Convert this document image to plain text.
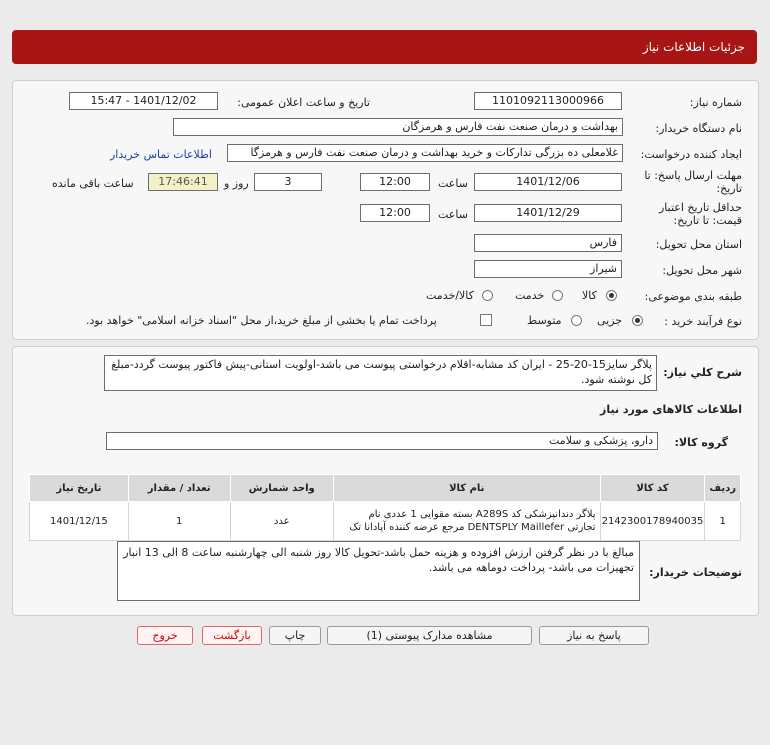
جزئیات اطلاعات نیاز
شماره نیاز:
1101092113000966
تاریخ و ساعت اعلان عمومی:
1401/12/02 - 15:47
نام دستگاه خریدار:
بهداشت و درمان صنعت نفت فارس و هرمزگان
ایجاد کننده درخواست:
غلامعلی ده بزرگی تدارکات و خرید بهداشت و درمان صنعت نفت فارس و هرمزگا
اطلاعات تماس خریدار
مهلت ارسال پاسخ: تا تاریخ:
1401/12/06
ساعت
12:00
3
روز و
17:46:41
ساعت باقی مانده
حداقل تاریخ اعتبار قیمت: تا تاریخ:
1401/12/29
ساعت
12:00
استان محل تحویل:
فارس
شهر محل تحویل:
شیراز
طبقه بندی موضوعی:
کالا
خدمت
کالا/خدمت
نوع فرآیند خرید :
جزیی
متوسط
پرداخت تمام یا بخشی از مبلغ خرید،از محل "اسناد خزانه اسلامی" خواهد بود.
شرح کلي نياز:
پلاگر سایز15-20-25 - ایران کد مشابه-اقلام درخواستی پیوست می باشد-اولویت استانی-پیش فاکتور پیوست گردد-مبلغ کل نوشته شود.
اطلاعات کالاهای مورد نیاز
گروه کالا:
دارو، پزشکی و سلامت
ردیف	کد کالا	نام کالا	واحد شمارش	تعداد / مقدار	تاریخ نیاز
1	2142300178940035	پلاگر دندانپزشکی کد A289S بسته مقوایی 1 عددی نام تجارتی DENTSPLY Maillefer مرجع عرضه کننده آپادانا تک	عدد	1	1401/12/15
توضیحات خریدار:
مبالغ با در نظر گرفتن ارزش افزوده و هزینه حمل باشد-تحویل کالا روز شنبه الی چهارشنبه ساعت 8 الی 13 انبار تجهیزات می باشد- پرداخت دوماهه می باشد.
پاسخ به نیاز
مشاهده مدارک پیوستی (1)
چاپ
بازگشت
خروج
